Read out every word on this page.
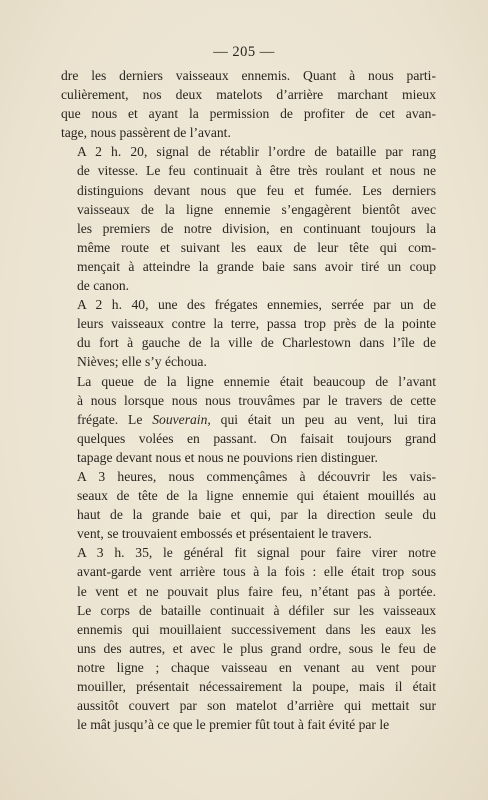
— 205 —

dre les derniers vaisseaux ennemis. Quant à nous parti-
culièrement, nos deux matelots d’arrière marchant mieux
que nous et ayant la permission de profiter de cet avan-
tage, nous passèrent de l’avant.

A 2 h. 20, signal de rétablir l’ordre de bataille par rang
de vitesse. Le feu continuait à être très roulant et nous ne
distinguions devant nous que feu et fumée. Les derniers
vaisseaux de la ligne ennemie s’engagèrent bientôt avec
les premiers de notre division, en continuant toujours la
même route et suivant les eaux de leur tête qui com-
mençait à atteindre la grande baie sans avoir tiré un coup
de canon.

A 2 h. 40, une des frégates ennemies, serrée par un de
leurs vaisseaux contre la terre, passa trop près de la pointe
du fort à gauche de la ville de Charlestown dans l’île de
Nièves; elle s’y échoua.

La queue de la ligne ennemie était beaucoup de l’avant
à nous lorsque nous nous trouvâmes par le travers de cette
frégate. Le Souverain, qui était un peu au vent, lui tira
quelques volées en passant. On faisait toujours grand
tapage devant nous et nous ne pouvions rien distinguer.

A 3 heures, nous commençâmes à découvrir les vais-
seaux de tête de la ligne ennemie qui étaient mouillés au
haut de la grande baie et qui, par la direction seule du
vent, se trouvaient embossés et présentaient le travers.

A 3 h. 35, le général fit signal pour faire virer notre
avant-garde vent arrière tous à la fois : elle était trop sous
le vent et ne pouvait plus faire feu, n’étant pas à portée.
Le corps de bataille continuait à défiler sur les vaisseaux
ennemis qui mouillaient successivement dans les eaux les
uns des autres, et avec le plus grand ordre, sous le feu de
notre ligne ; chaque vaisseau en venant au vent pour
mouiller, présentait nécessairement la poupe, mais il était
aussitôt couvert par son matelot d’arrière qui mettait sur
le mât jusqu’à ce que le premier fût tout à fait évité par le
